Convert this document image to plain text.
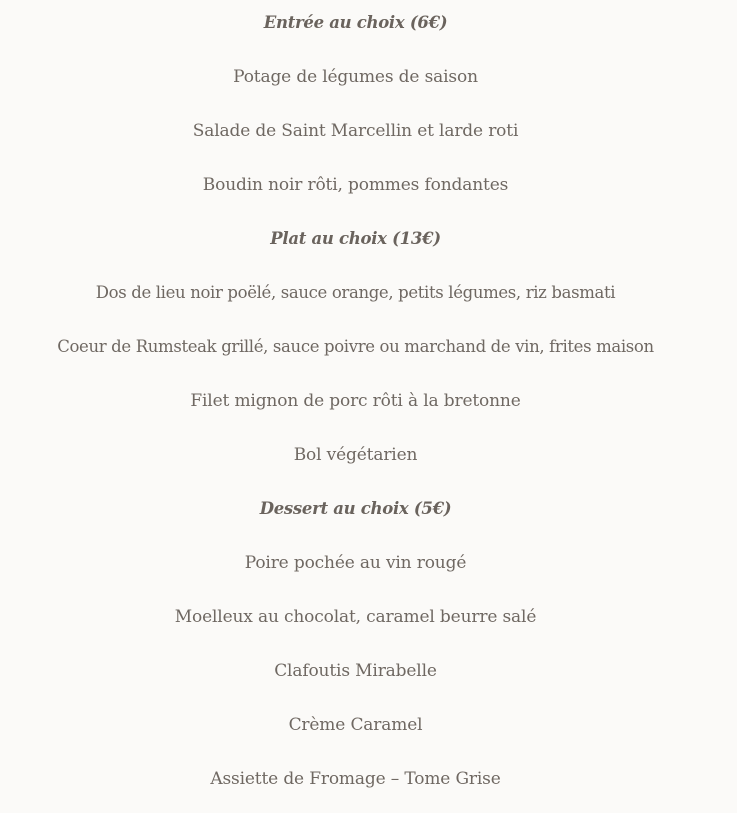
Entrée au choix (6€)
Potage de légumes de saison
Salade de Saint Marcellin et larde roti
Boudin noir rôti, pommes fondantes
Plat au choix (13€)
Dos de lieu noir poëlé, sauce orange, petits légumes, riz basmati
Coeur de Rumsteak grillé, sauce poivre ou marchand de vin, frites maison
Filet mignon de porc rôti à la bretonne
Bol végétarien
Dessert au choix (5€)
Poire pochée au vin rougé
Moelleux au chocolat, caramel beurre salé
Clafoutis Mirabelle
Crème Caramel
Assiette de Fromage – Tome Grise
